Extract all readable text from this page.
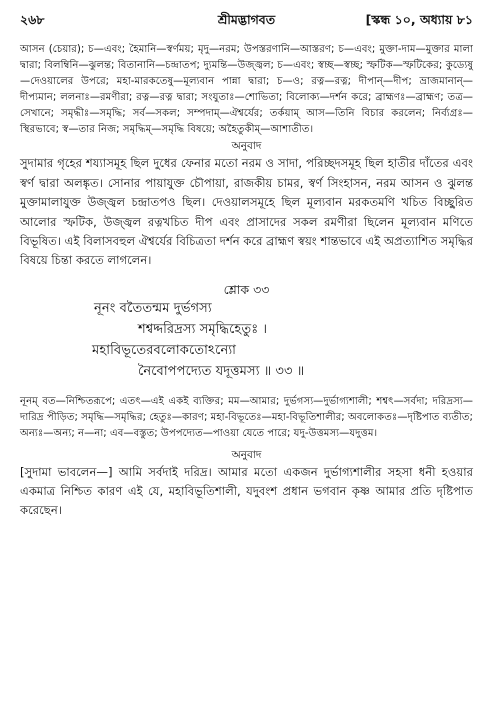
২৬৮	শ্রীমদ্ভাগবত	[স্কন্ধ ১০, অধ্যায় ৮১

আসন (চেয়ার); চ—এবং; হৈমানি—স্বর্ণময়; মৃদু—নরম; উপস্তরণানি—আস্তরণ; চ—এবং; মুক্তা-দাম—মুক্তার মালা দ্বারা; বিলম্বিনি—ঝুলন্ত; বিতানানি—চন্দ্রাতপ; দ্যুমন্তি—উজ্জ্বল; চ—এবং; স্বচ্ছ—স্বচ্ছ; স্ফটিক—স্ফটিকের; কুড্যেষু—দেওয়ালের উপরে; মহা-মারকতেষু—মূল্যবান পান্না দ্বারা; চ—ও; রত্ন—রত্ন; দীপান্—দীপ; ভ্রাজমানান্—দীপ্যমান; ললনাঃ—রমণীরা; রত্ন—রত্ন দ্বারা; সংযুতাঃ—শোভিতা; বিলোক্য—দর্শন করে; ব্রাহ্মণঃ—ব্রাহ্মণ; তত্র—সেখানে; সমৃদ্ধীঃ—সমৃদ্ধি; সর্ব—সকল; সম্পদাম্—ঐশ্বর্যের; তর্কয়াম্ আস—তিনি বিচার করলেন; নির্ব্যগ্রঃ—স্থিরভাবে; স্ব—তার নিজ; সমৃদ্ধিম্—সমৃদ্ধি বিষয়ে; অহৈতুকীম্—আশাতীত।

অনুবাদ

সুদামার গৃহের শয্যাসমূহ ছিল দুধের ফেনার মতো নরম ও সাদা, পরিচ্ছদসমূহ ছিল হাতীর দাঁতের এবং স্বর্ণ দ্বারা অলঙ্কৃত। সোনার পায়াযুক্ত চৌপায়া, রাজকীয় চামর, স্বর্ণ সিংহাসন, নরম আসন ও ঝুলন্ত মুক্তামালাযুক্ত উজ্জ্বল চন্দ্রাতপও ছিল। দেওয়ালসমূহে ছিল মূল্যবান মরকতমণি খচিত বিচ্ছুরিত আলোর স্ফটিক, উজ্জ্বল রত্নখচিত দীপ এবং প্রাসাদের সকল রমণীরা ছিলেন মূল্যবান মণিতে বিভূষিত। এই বিলাসবহুল ঐশ্বর্যের বিচিত্রতা দর্শন করে ব্রাহ্মণ স্বয়ং শান্তভাবে এই অপ্রত্যাশিত সমৃদ্ধির বিষয়ে চিন্তা করতে লাগলেন।

শ্লোক ৩৩
নূনং বতৈতন্মম দুর্ভগস্য
শশ্বদ্দরিদ্রস্য সমৃদ্ধিহেতুঃ ।
মহাবিভূতেরবলোকতোঽন্যো
নৈবোপপদ্যেত যদূত্তমস্য ॥ ৩৩ ॥

নূনম্ বত—নিশ্চিতরূপে; এতৎ—এই একই ব্যক্তির; মম—আমার; দুর্ভগস্য—দুর্ভাগ্যশালী; শশ্বৎ—সর্বদা; দরিদ্রস্য—দারিদ্র পীড়িত; সমৃদ্ধি—সমৃদ্ধির; হেতুঃ—কারণ; মহা-বিভূতেঃ—মহা-বিভূতিশালীর; অবলোকতঃ—দৃষ্টিপাত ব্যতীত; অন্যঃ—অন্য; ন—না; এব—বস্তুত; উপপদ্যেত—পাওয়া যেতে পারে; যদু-উত্তমস্য—যদুত্তম।

অনুবাদ

[সুদামা ভাবলেন—] আমি সর্বদাই দরিদ্র। আমার মতো একজন দুর্ভাগ্যশালীর সহসা ধনী হওয়ার একমাত্র নিশ্চিত কারণ এই যে, মহাবিভূতিশালী, যদুবংশ প্রধান ভগবান কৃষ্ণ আমার প্রতি দৃষ্টিপাত করেছেন।
